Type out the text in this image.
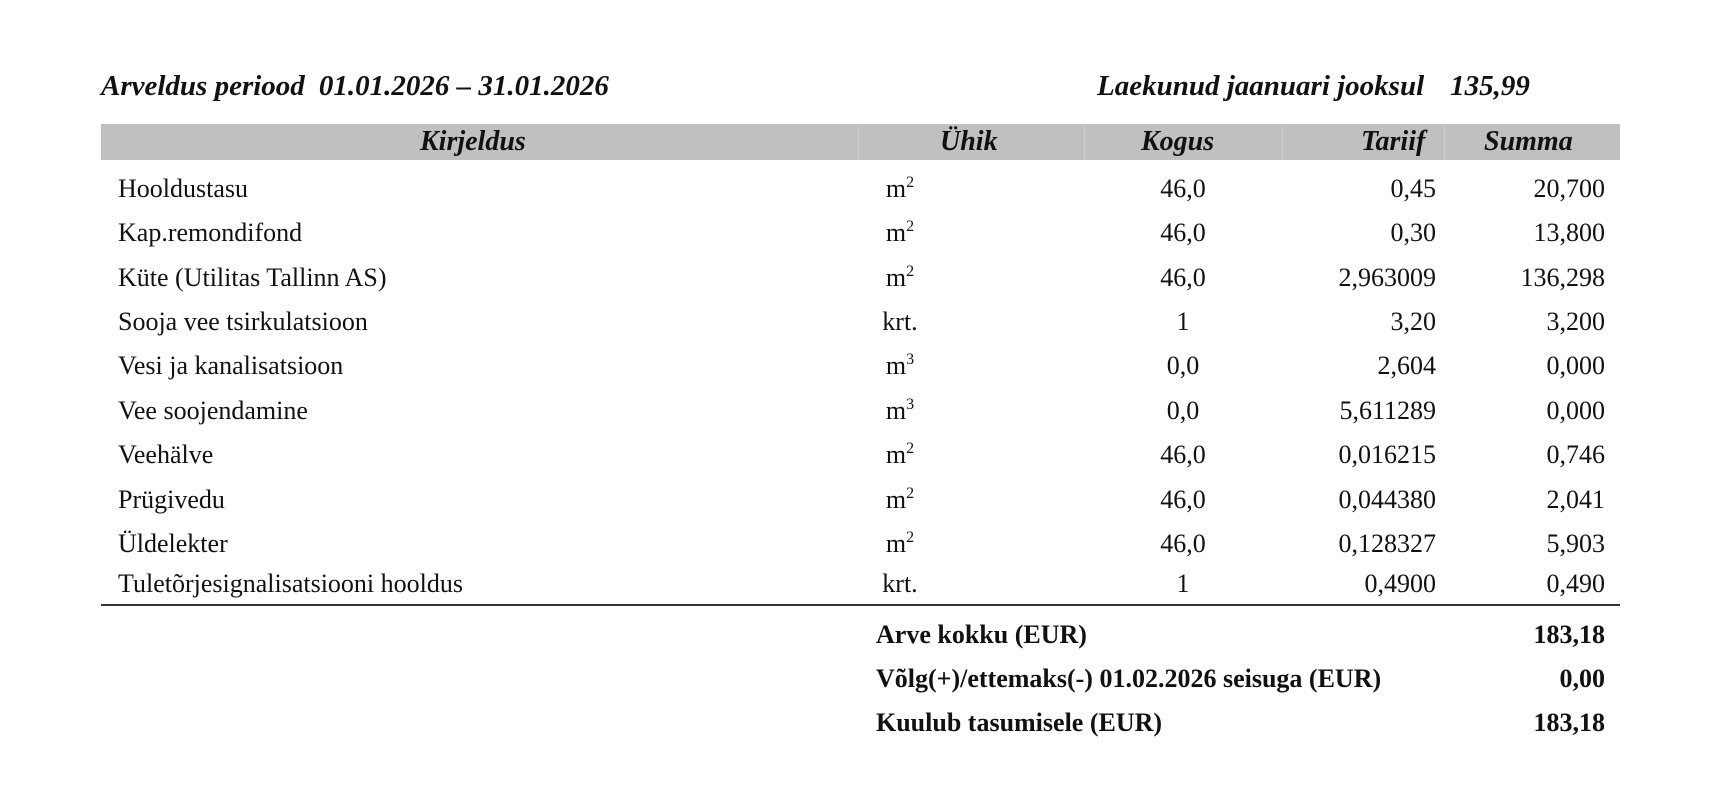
Arveldus periood 01.01.2026 – 31.01.2026	Laekunud jaanuari jooksul 135,99
Kirjeldus	Ühik	Kogus	Tariif Summa
Hooldustasu	$m^2$	46,0	0,45	20,700
Kap.remondifond	$m^2$	46,0	0,30	13,800
Küte (Utilitas Tallinn AS)	$m^2$	46,0	2,963009	136,298
Sooja vee tsirkulatsioon	krt.	1	3,20	3,200
Vesi ja kanalisatsioon	$m^3$	0,0	2,604	0,000
Vee soojendamine	$m^3$	0,0	5,611289	0,000
Veehälve	$m^2$	46,0	0,016215	0,746
Prügivedu	$m^2$	46,0	0,044380	2,041
Üldelekter	$m^2$	46,0	0,128327	5,903
Tuletõrjesignalisatsiooni hooldus	krt.	1	0,4900	0,490
Arve kokku (EUR)	183,18
Võlg(+)/ettemaks(-) 01.02.2026 seisuga (EUR)	0,00
Kuulub tasumisele (EUR)	183,18
